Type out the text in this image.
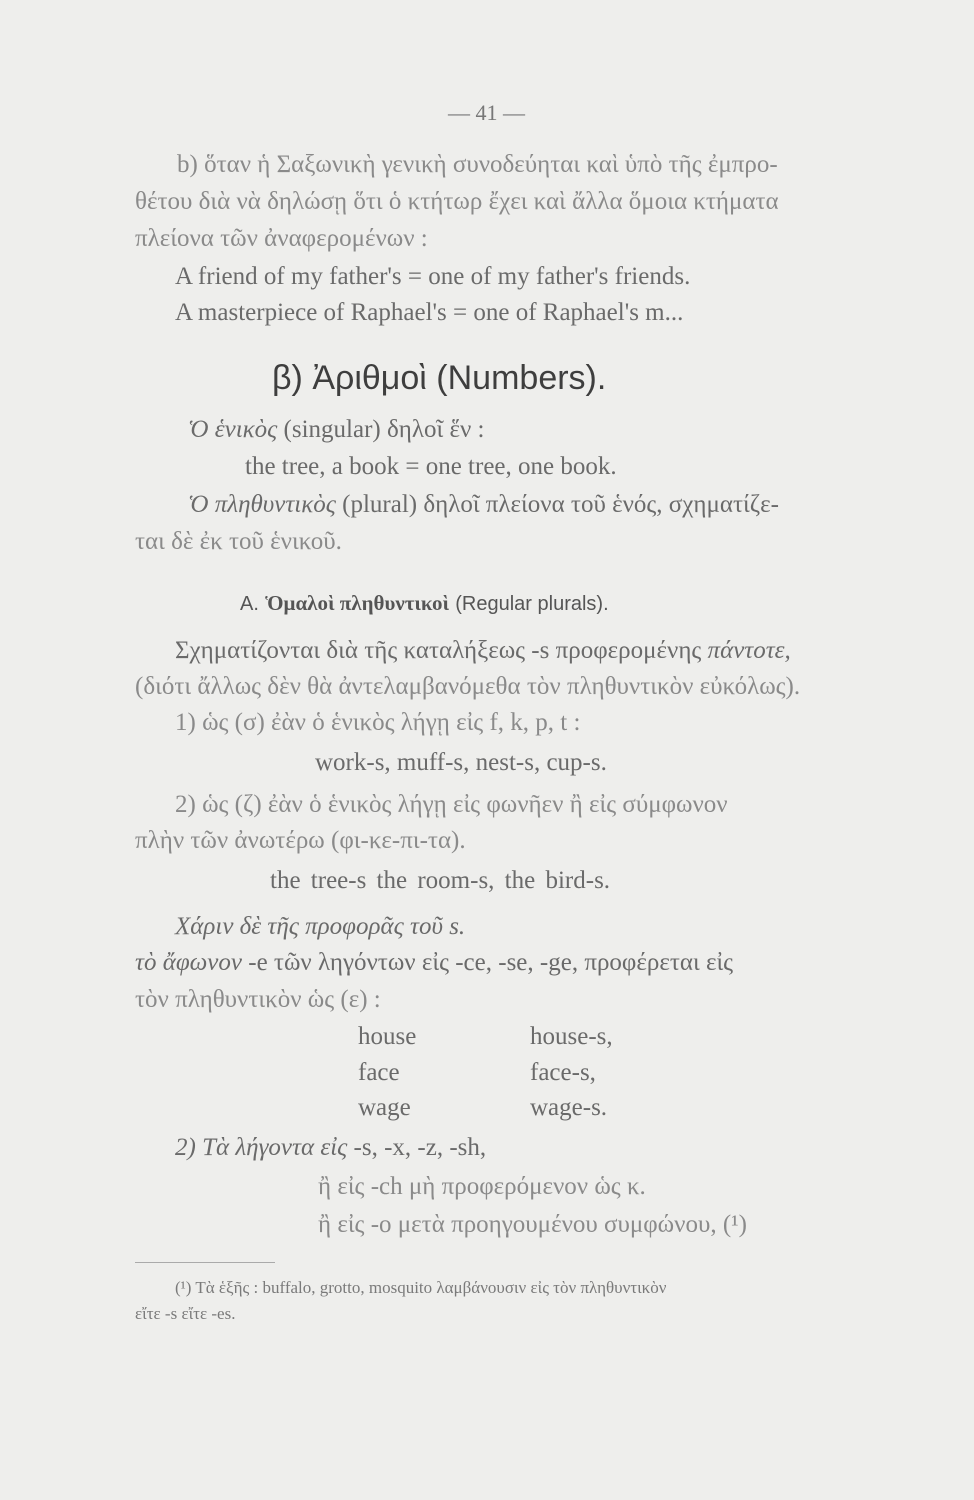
— 41 —
b) ὅταν ἡ Σαξωνικὴ γενικὴ συνοδεύηται καὶ ὑπὸ τῆς ἐμπρο-
θέτου διὰ νὰ δηλώσῃ ὅτι ὁ κτήτωρ ἔχει καὶ ἄλλα ὅμοια κτήματα
πλείονα τῶν ἀναφερομένων :
A friend of my father's = one of my father's friends.
A masterpiece of Raphael's = one of Raphael's m...
β) Ἀριθμοὶ (Numbers).
Ὁ ἑνικὸς (singular) δηλοῖ ἕν :
the tree, a book = one tree, one book.
Ὁ πληθυντικὸς (plural) δηλοῖ πλείονα τοῦ ἑνός, σχηματίζε-
ται δὲ ἐκ τοῦ ἑνικοῦ.
A. Ὁμαλοὶ πληθυντικοὶ (Regular plurals).
Σχηματίζονται διὰ τῆς καταλήξεως -s προφερομένης πάντοτε,
(διότι ἄλλως δὲν θὰ ἀντελαμβανόμεθα τὸν πληθυντικὸν εὐκόλως).
1) ὡς (σ) ἐὰν ὁ ἑνικὸς λήγῃ εἰς f, k, p, t :
work-s, muff-s, nest-s, cup-s.
2) ὡς (ζ) ἐὰν ὁ ἑνικὸς λήγῃ εἰς φωνῆεν ἢ εἰς σύμφωνον
πλὴν τῶν ἀνωτέρω (φι-κε-πι-τα).
the tree-s the room-s, the bird-s.
Χάριν δὲ τῆς προφορᾶς τοῦ s.
τὸ ἄφωνον -e τῶν ληγόντων εἰς -ce, -se, -ge, προφέρεται εἰς
τὸν πληθυντικὸν ὡς (ε) :
house	house-s,
face	face-s,
wage	wage-s.
2) Τὰ λήγοντα εἰς -s, -x, -z, -sh,
ἢ εἰς -ch μὴ προφερόμενον ὡς κ.
ἢ εἰς -o μετὰ προηγουμένου συμφώνου, (¹)
(¹) Τὰ ἑξῆς : buffalo, grotto, mosquito λαμβάνουσιν εἰς τὸν πληθυντικὸν
εἴτε -s εἴτε -es.
